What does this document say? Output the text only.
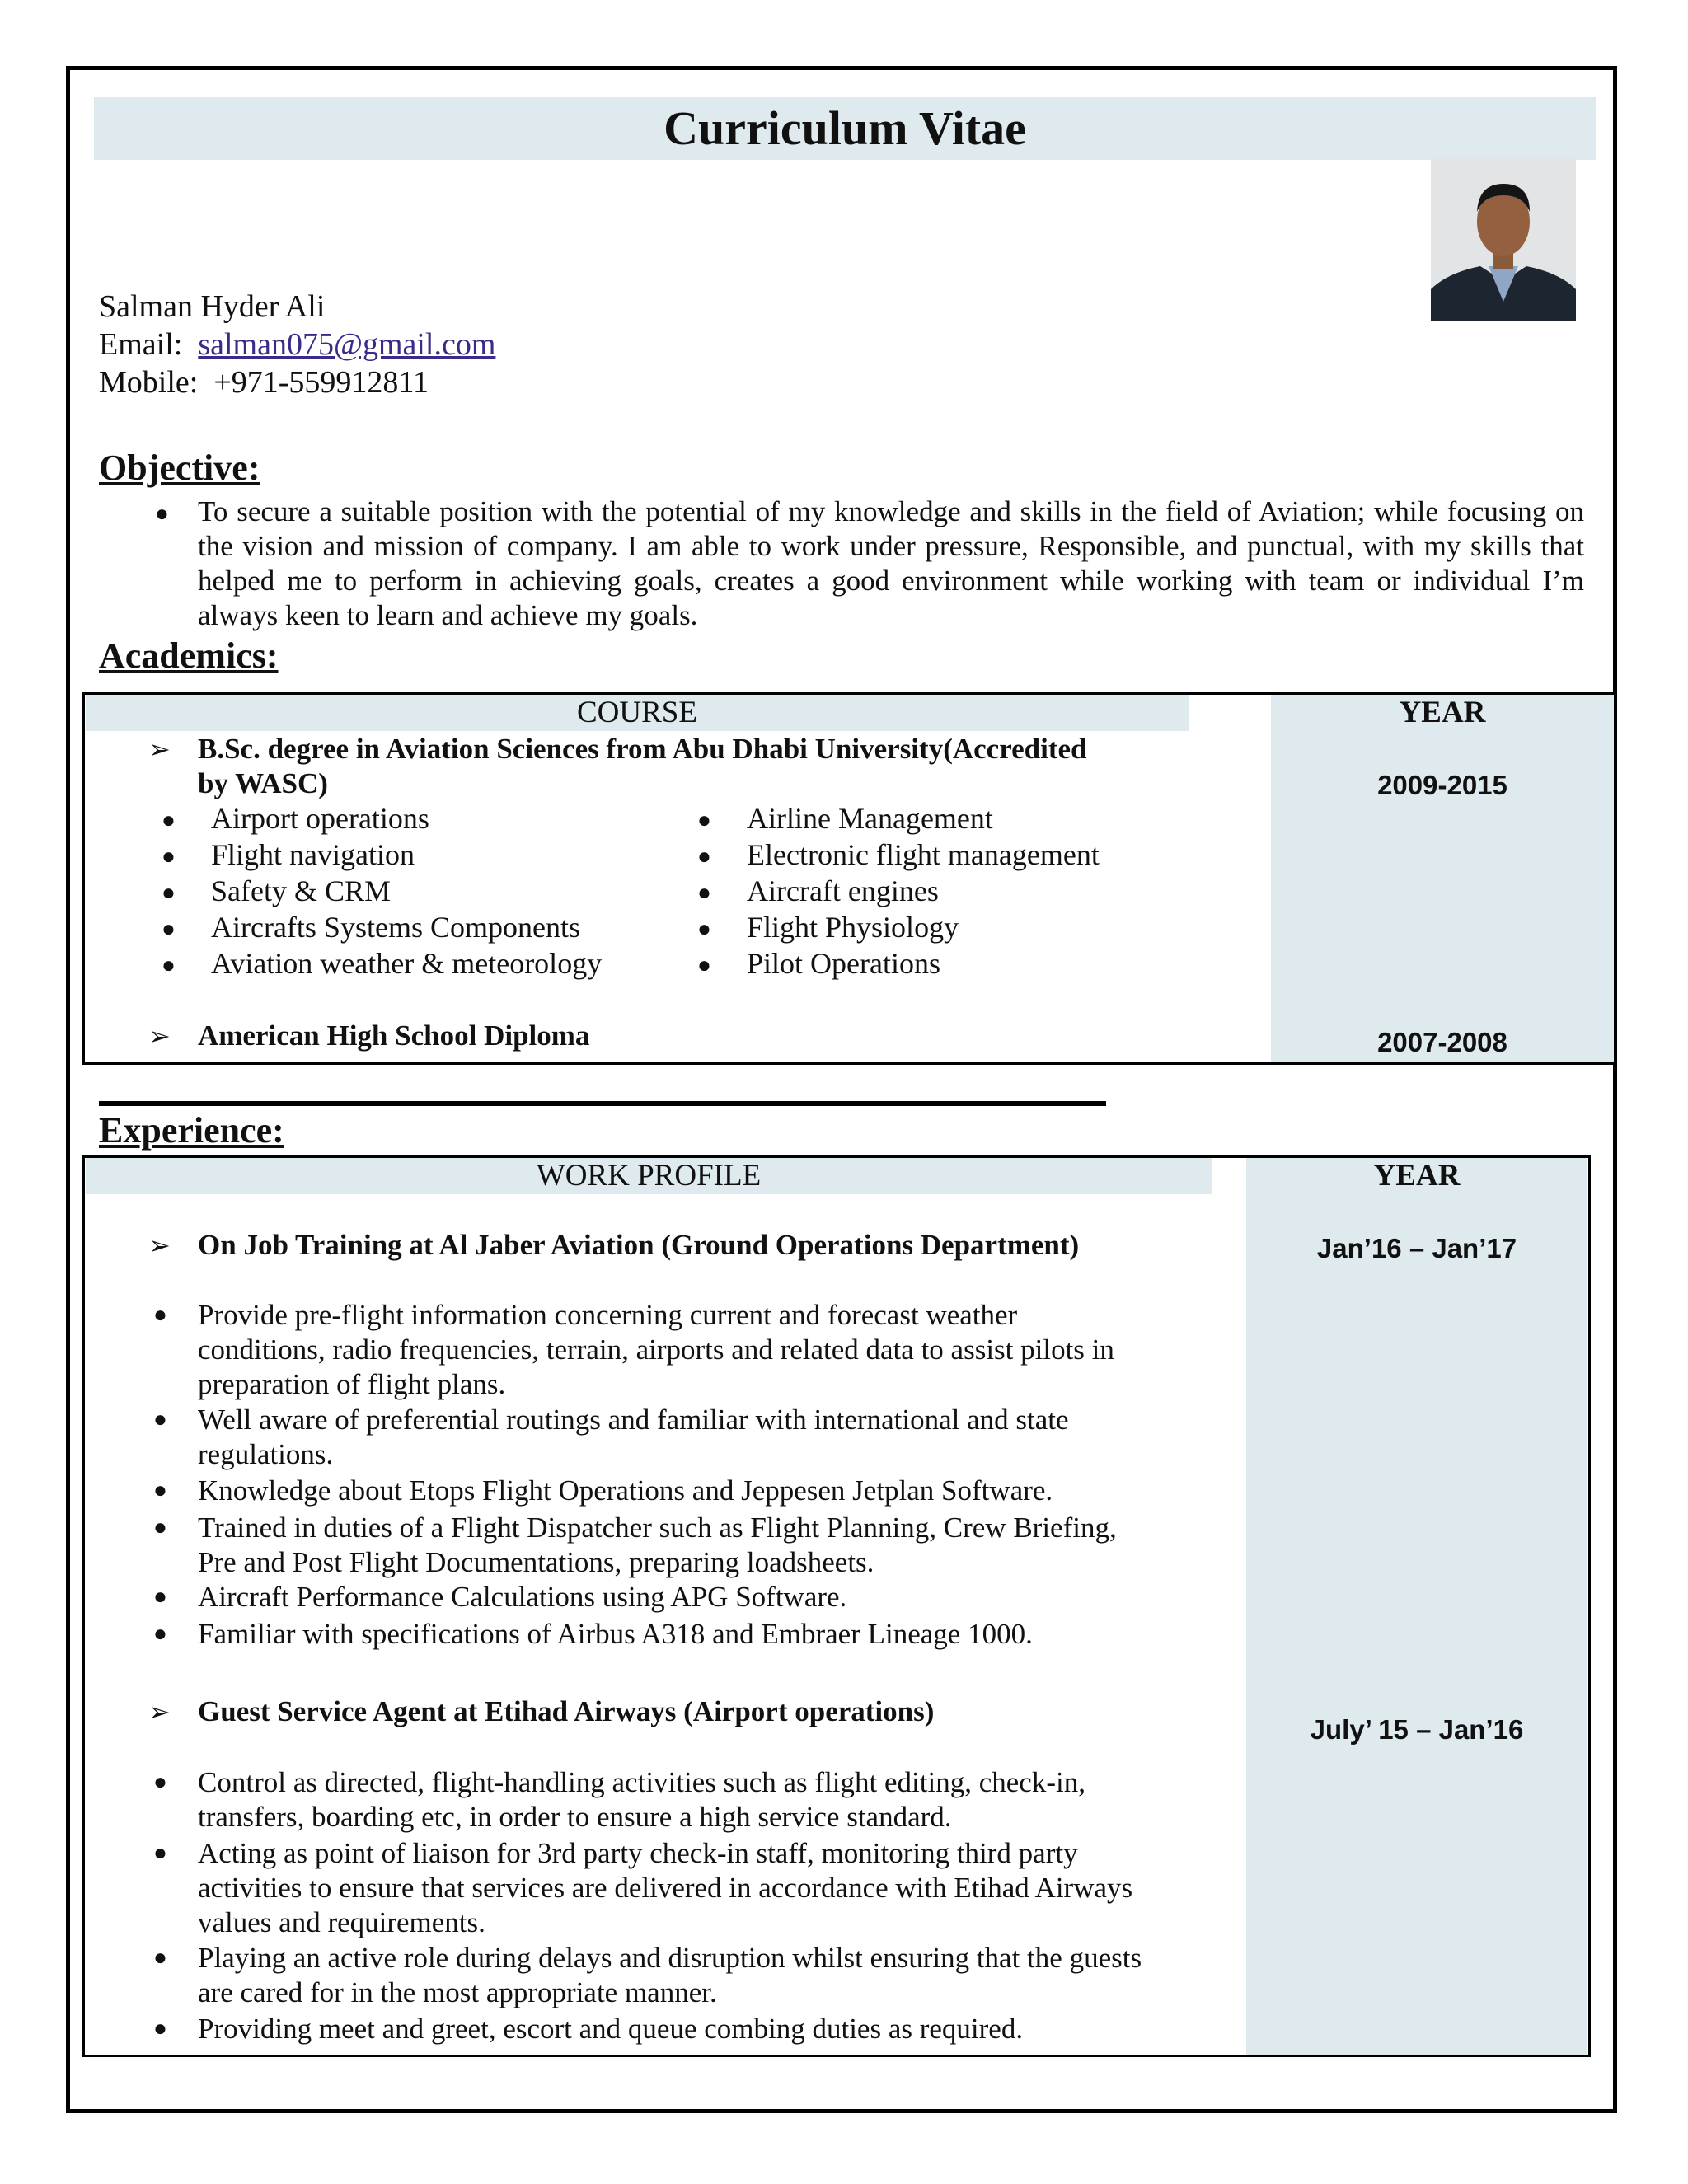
Curriculum Vitae
Salman Hyder Ali
Email: salman075@gmail.com
Mobile: +971-559912811
Objective:
● To secure a suitable position with the potential of my knowledge and skills in the field of Aviation; while focusing on the vision and mission of company. I am able to work under pressure, Responsible, and punctual, with my skills that helped me to perform in achieving goals, creates a good environment while working with team or individual I’m always keen to learn and achieve my goals.
Academics:
COURSE	YEAR
➢ B.Sc. degree in Aviation Sciences from Abu Dhabi University(Accredited
by WASC)	2009-2015
● Airport operations
● Flight navigation
● Safety & CRM
● Aircrafts Systems Components
● Aviation weather & meteorology
● Airline Management
● Electronic flight management
● Aircraft engines
● Flight Physiology
● Pilot Operations
➢ American High School Diploma	2007-2008
Experience:
WORK PROFILE	YEAR
➢ On Job Training at Al Jaber Aviation (Ground Operations Department)	Jan’16 – Jan’17
● Provide pre-flight information concerning current and forecast weather
conditions, radio frequencies, terrain, airports and related data to assist pilots in
preparation of flight plans.
● Well aware of preferential routings and familiar with international and state
regulations.
● Knowledge about Etops Flight Operations and Jeppesen Jetplan Software.
● Trained in duties of a Flight Dispatcher such as Flight Planning, Crew Briefing,
Pre and Post Flight Documentations, preparing loadsheets.
● Aircraft Performance Calculations using APG Software.
● Familiar with specifications of Airbus A318 and Embraer Lineage 1000.
➢ Guest Service Agent at Etihad Airways (Airport operations)
July’ 15 – Jan’16
● Control as directed, flight-handling activities such as flight editing, check-in,
transfers, boarding etc, in order to ensure a high service standard.
● Acting as point of liaison for 3rd party check-in staff, monitoring third party
activities to ensure that services are delivered in accordance with Etihad Airways
values and requirements.
● Playing an active role during delays and disruption whilst ensuring that the guests
are cared for in the most appropriate manner.
● Providing meet and greet, escort and queue combing duties as required.
